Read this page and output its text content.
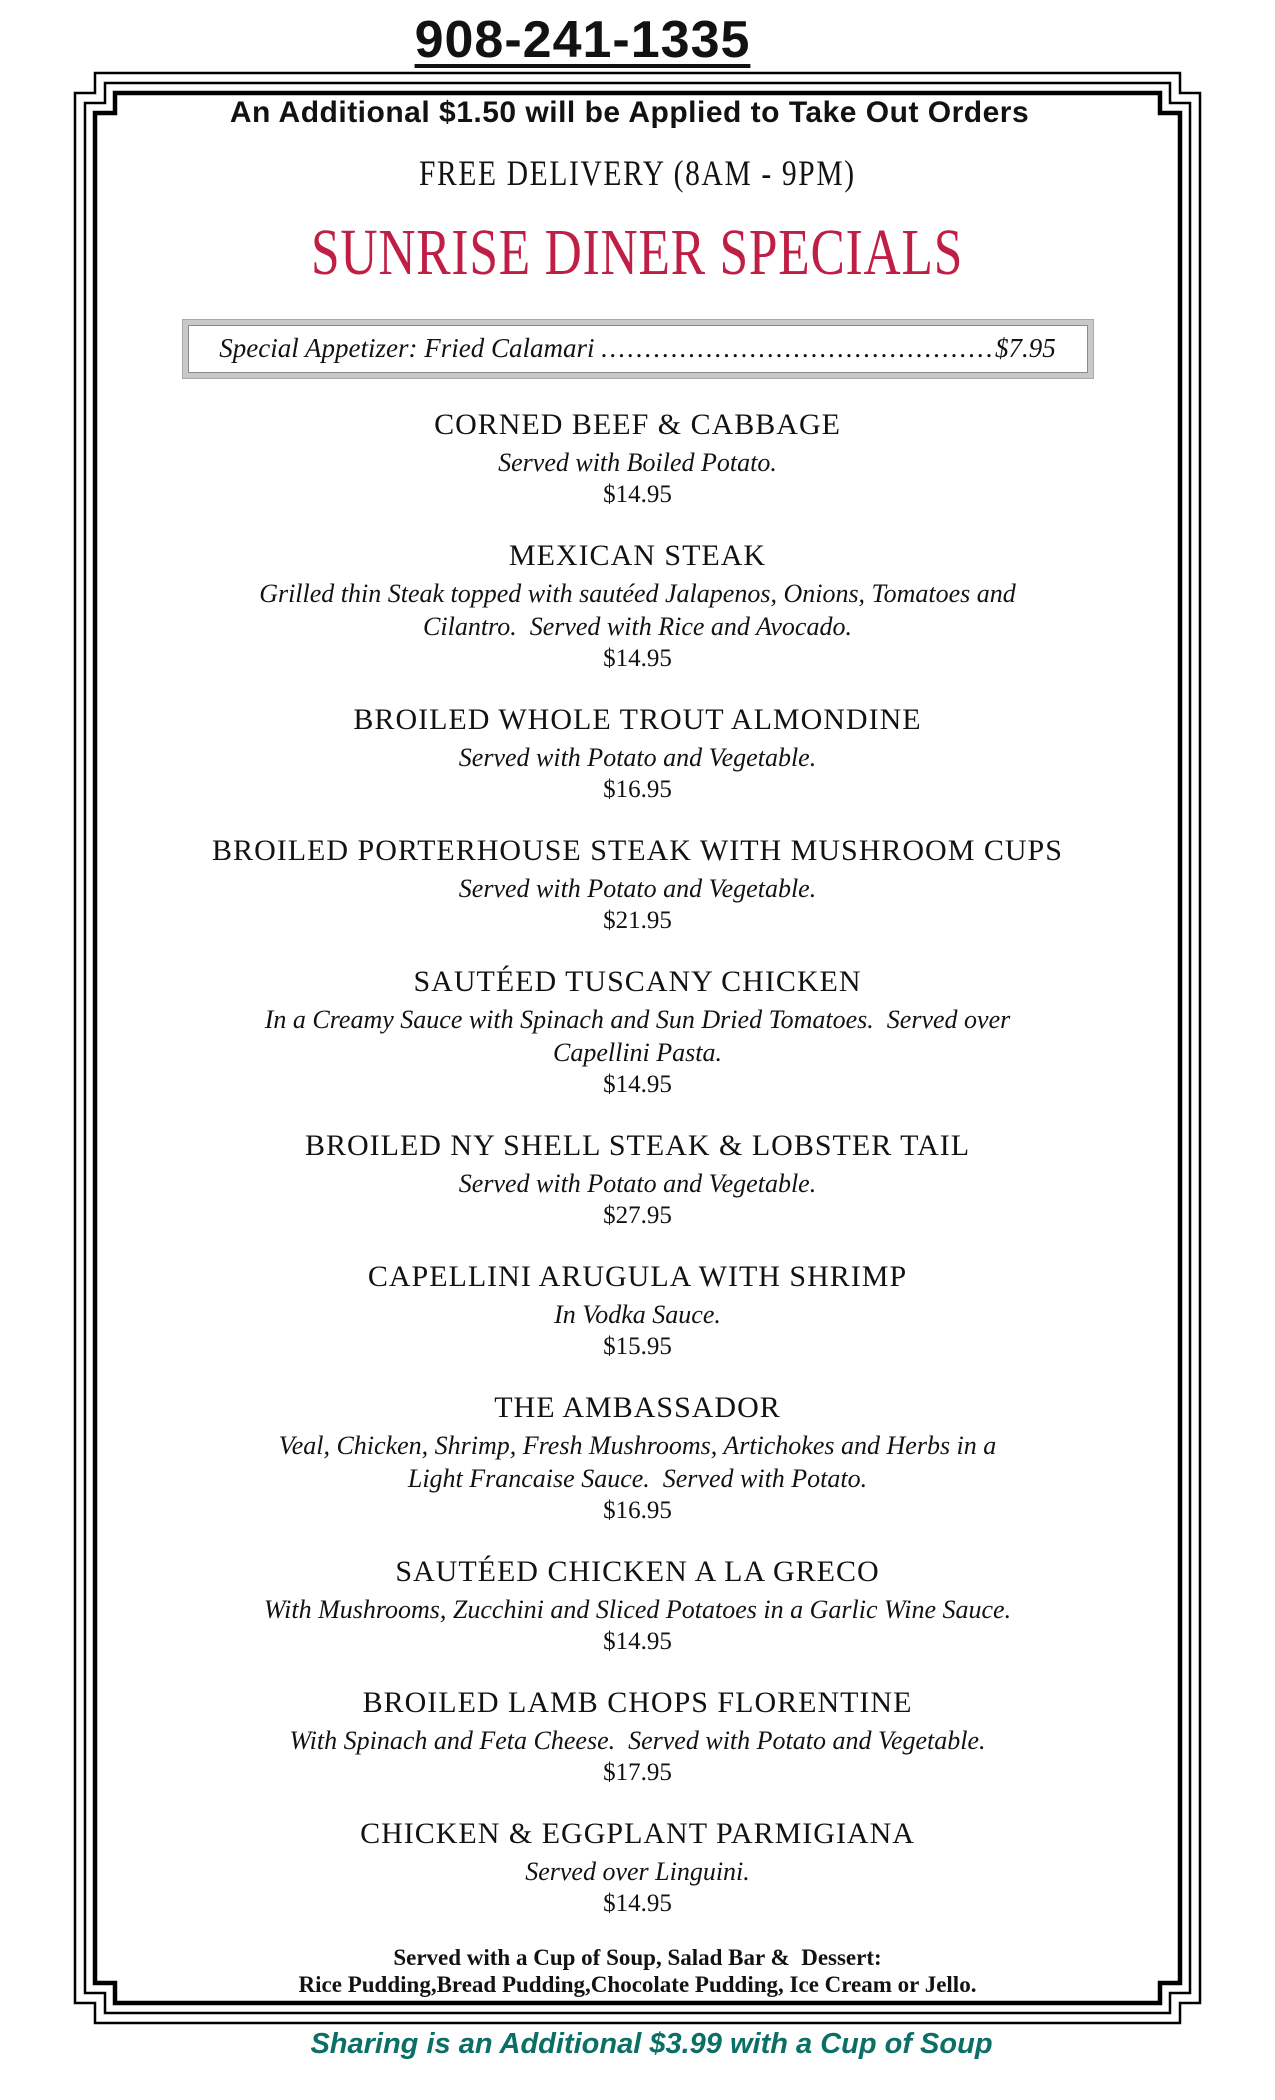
908-241-1335
An Additional $1.50 will be Applied to Take Out Orders
FREE DELIVERY (8AM - 9PM)
SUNRISE DINER SPECIALS
Special Appetizer: Fried Calamari .............................................$7.95
CORNED BEEF & CABBAGE
Served with Boiled Potato.
$14.95
MEXICAN STEAK
Grilled thin Steak topped with sautéed Jalapenos, Onions, Tomatoes and
Cilantro.  Served with Rice and Avocado.
$14.95
BROILED WHOLE TROUT ALMONDINE
Served with Potato and Vegetable.
$16.95
BROILED PORTERHOUSE STEAK WITH MUSHROOM CUPS
Served with Potato and Vegetable.
$21.95
SAUTÉED TUSCANY CHICKEN
In a Creamy Sauce with Spinach and Sun Dried Tomatoes.  Served over
Capellini Pasta.
$14.95
BROILED NY SHELL STEAK & LOBSTER TAIL
Served with Potato and Vegetable.
$27.95
CAPELLINI ARUGULA WITH SHRIMP
In Vodka Sauce.
$15.95
THE AMBASSADOR
Veal, Chicken, Shrimp, Fresh Mushrooms, Artichokes and Herbs in a
Light Francaise Sauce.  Served with Potato.
$16.95
SAUTÉED CHICKEN A LA GRECO
With Mushrooms, Zucchini and Sliced Potatoes in a Garlic Wine Sauce.
$14.95
BROILED LAMB CHOPS FLORENTINE
With Spinach and Feta Cheese.  Served with Potato and Vegetable.
$17.95
CHICKEN & EGGPLANT PARMIGIANA
Served over Linguini.
$14.95
Served with a Cup of Soup, Salad Bar &  Dessert:
Rice Pudding,Bread Pudding,Chocolate Pudding, Ice Cream or Jello.
Sharing is an Additional $3.99 with a Cup of Soup
